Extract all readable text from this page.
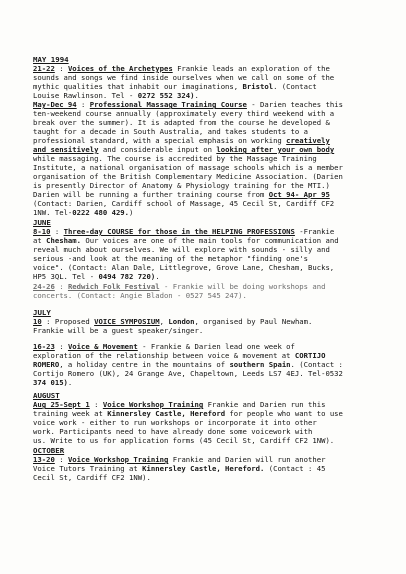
MAY 1994
21-22 : Voices of the Archetypes Frankie leads an exploration of the
sounds and songs we find inside ourselves when we call on some of the
mythic qualities that inhabit our imaginations, Bristol. (Contact
Louise Rawlinson. Tel - 0272 552 324).
May-Dec 94 : Professional Massage Training Course - Darien teaches this
ten-weekend course annually (approximately every third weekend with a
break over the summer). It is adapted from the course he developed &
taught for a decade in South Australia, and takes students to a
professional standard, with a special emphasis on working creatively
and sensitively and considerable input on looking after your own body
while massaging. The course is accredited by the Massage Training
Institute, a national organisation of massage schools which is a member
organisation of the British Complementary Medicine Association. (Darien
is presently Director of Anatomy & Physiology training for the MTI.)
Darien will be running a further training course from Oct 94- Apr 95
(Contact: Darien, Cardiff school of Massage, 45 Cecil St, Cardiff CF2
1NW. Tel-0222 480 429.)
JUNE
8-10 : Three-day COURSE for those in the HELPING PROFESSIONS -Frankie
at Chesham. Our voices are one of the main tools for communication and
reveal much about ourselves. We will explore with sounds - silly and
serious -and look at the meaning of the metaphor "finding one's
voice". (Contact: Alan Dale, Littlegrove, Grove Lane, Chesham, Bucks,
HP5 3QL. Tel - 0494 782 720).
24-26 : Redwich Folk Festival - Frankie will be doing workshops and
concerts. (Contact: Angie Bladon - 0527 545 247).
JULY
10 : Proposed VOICE SYMPOSIUM, London, organised by Paul Newham.
Frankie will be a guest speaker/singer.
16-23 : Voice & Movement - Frankie & Darien lead one week of
exploration of the relationship between voice & movement at CORTIJO
ROMERO, a holiday centre in the mountains of southern Spain. (Contact :
Cortijo Romero (UK), 24 Grange Ave, Chapeltown, Leeds LS7 4EJ. Tel-0532
374 015).
AUGUST
Aug 25-Sept 1 : Voice Workshop Training Frankie and Darien run this
training week at Kinnersley Castle, Hereford for people who want to use
voice work - either to run workshops or incorporate it into other
work. Participants need to have already done some voicework with
us. Write to us for application forms (45 Cecil St, Cardiff CF2 1NW).
OCTOBER
13-20 : Voice Workshop Training Frankie and Darien will run another
Voice Tutors Training at Kinnersley Castle, Hereford. (Contact : 45
Cecil St, Cardiff CF2 1NW).
